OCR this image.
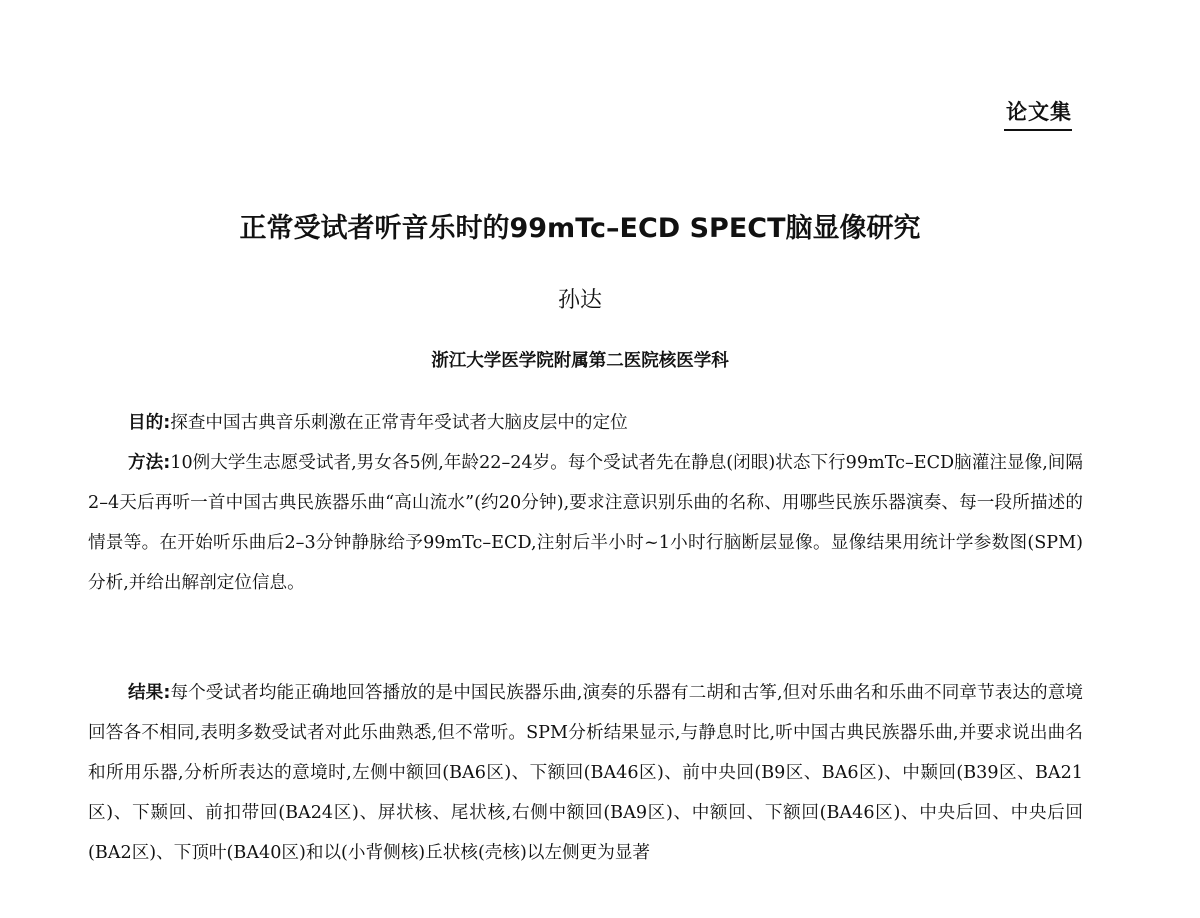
论文集
正常受试者听音乐时的99mTc–ECD SPECT脑显像研究
孙达
浙江大学医学院附属第二医院核医学科
目的:探查中国古典音乐刺激在正常青年受试者大脑皮层中的定位
方法:10例大学生志愿受试者,男女各5例,年龄22–24岁。每个受试者先在静息(闭眼)状态下行99mTc–ECD脑灌注显像,间隔2–4天后再听一首中国古典民族器乐曲“高山流水”(约20分钟),要求注意识别乐曲的名称、用哪些民族乐器演奏、每一段所描述的情景等。在开始听乐曲后2–3分钟静脉给予99mTc–ECD,注射后半小时~1小时行脑断层显像。显像结果用统计学参数图(SPM)分析,并给出解剖定位信息。
结果:每个受试者均能正确地回答播放的是中国民族器乐曲,演奏的乐器有二胡和古筝,但对乐曲名和乐曲不同章节表达的意境回答各不相同,表明多数受试者对此乐曲熟悉,但不常听。SPM分析结果显示,与静息时比,听中国古典民族器乐曲,并要求说出曲名和所用乐器,分析所表达的意境时,左侧中额回(BA6区)、下额回(BA46区)、前中央回(B9区、BA6区)、中颞回(B39区、BA21区)、下颞回、前扣带回(BA24区)、屏状核、尾状核,右侧中额回(BA9区)、中额回、下额回(BA46区)、中央后回、中央后回(BA2区)、下顶叶(BA40区)和以(小背侧核)丘状核(壳核)以左侧更为显著
